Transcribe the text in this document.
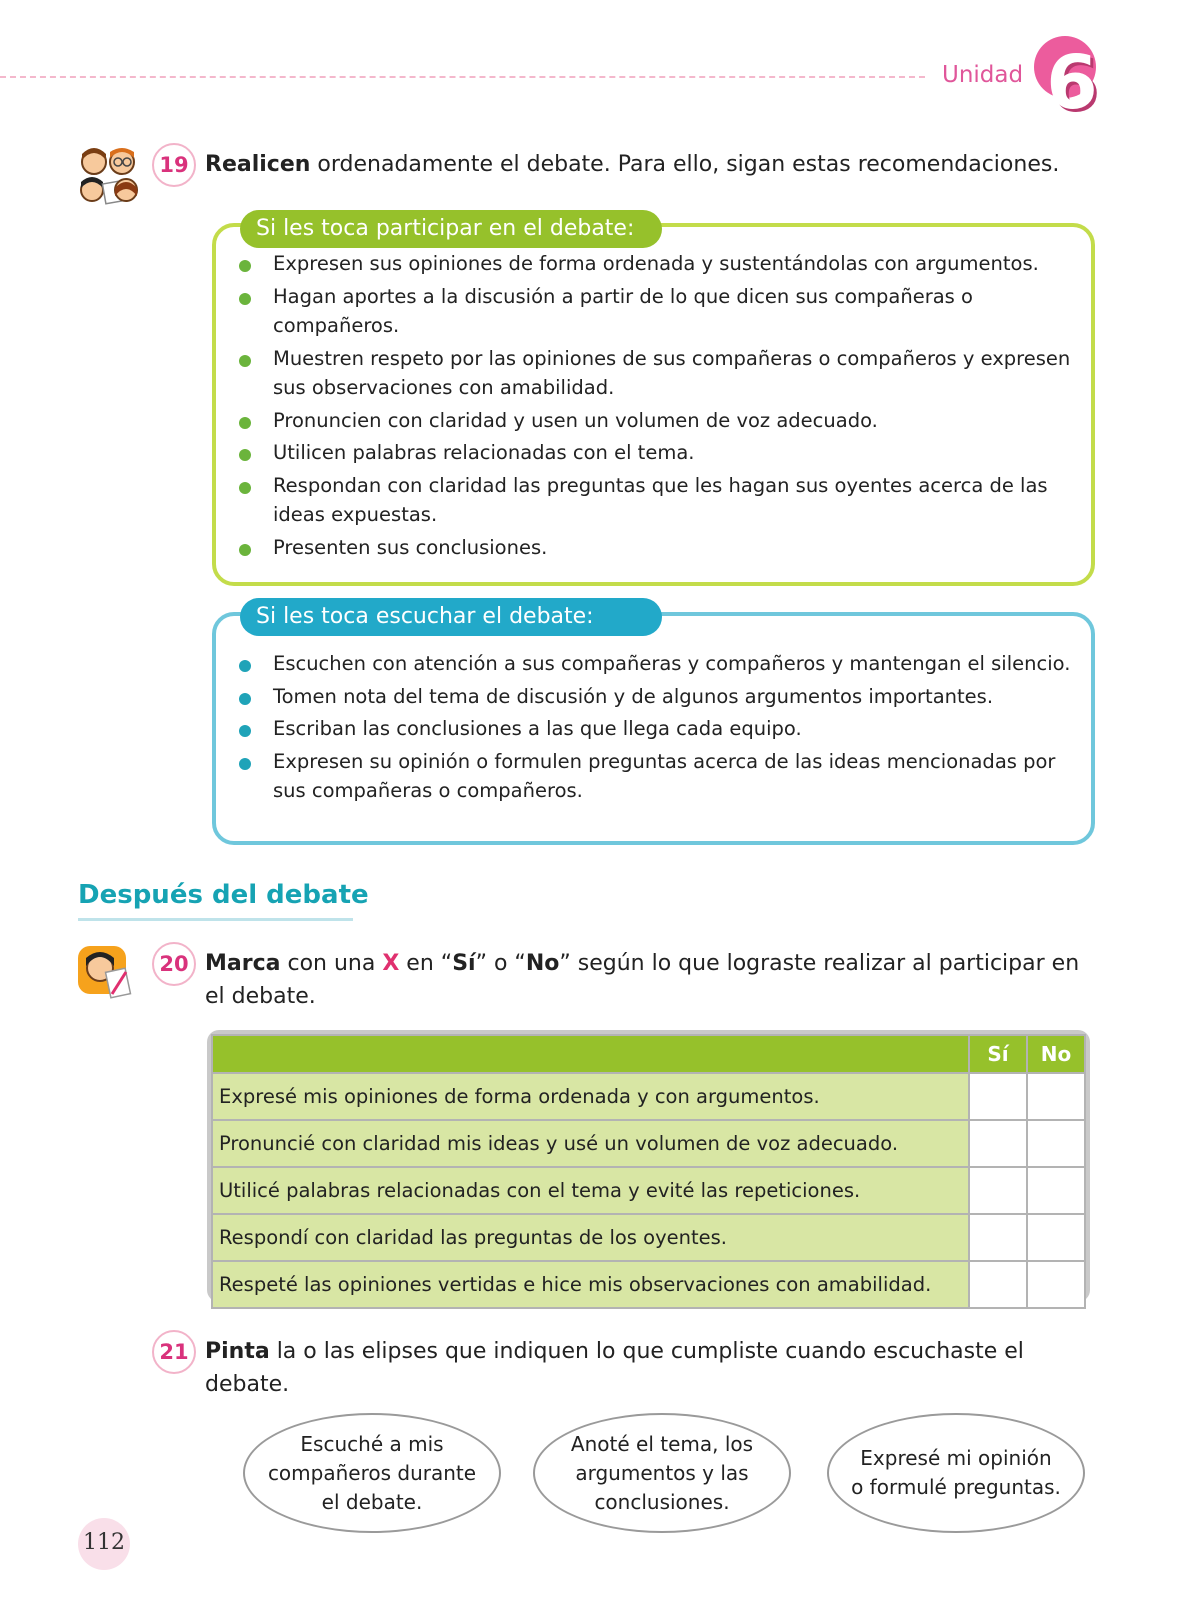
Unidad 6
19 Realicen ordenadamente el debate. Para ello, sigan estas recomendaciones.
Si les toca participar en el debate:
Expresen sus opiniones de forma ordenada y sustentándolas con argumentos.
Hagan aportes a la discusión a partir de lo que dicen sus compañeras o compañeros.
Muestren respeto por las opiniones de sus compañeras o compañeros y expresen sus observaciones con amabilidad.
Pronuncien con claridad y usen un volumen de voz adecuado.
Utilicen palabras relacionadas con el tema.
Respondan con claridad las preguntas que les hagan sus oyentes acerca de las ideas expuestas.
Presenten sus conclusiones.
Si les toca escuchar el debate:
Escuchen con atención a sus compañeras y compañeros y mantengan el silencio.
Tomen nota del tema de discusión y de algunos argumentos importantes.
Escriban las conclusiones a las que llega cada equipo.
Expresen su opinión o formulen preguntas acerca de las ideas mencionadas por sus compañeras o compañeros.
Después del debate
20 Marca con una X en “Sí” o “No” según lo que lograste realizar al participar en el debate.
	Sí	No
Expresé mis opiniones de forma ordenada y con argumentos.		
Pronuncié con claridad mis ideas y usé un volumen de voz adecuado.		
Utilicé palabras relacionadas con el tema y evité las repeticiones.		
Respondí con claridad las preguntas de los oyentes.		
Respeté las opiniones vertidas e hice mis observaciones con amabilidad.		
21 Pinta la o las elipses que indiquen lo que cumpliste cuando escuchaste el debate.
Escuché a mis
compañeros durante
el debate.
Anoté el tema, los
argumentos y las
conclusiones.
Expresé mi opinión
o formulé preguntas.
112
